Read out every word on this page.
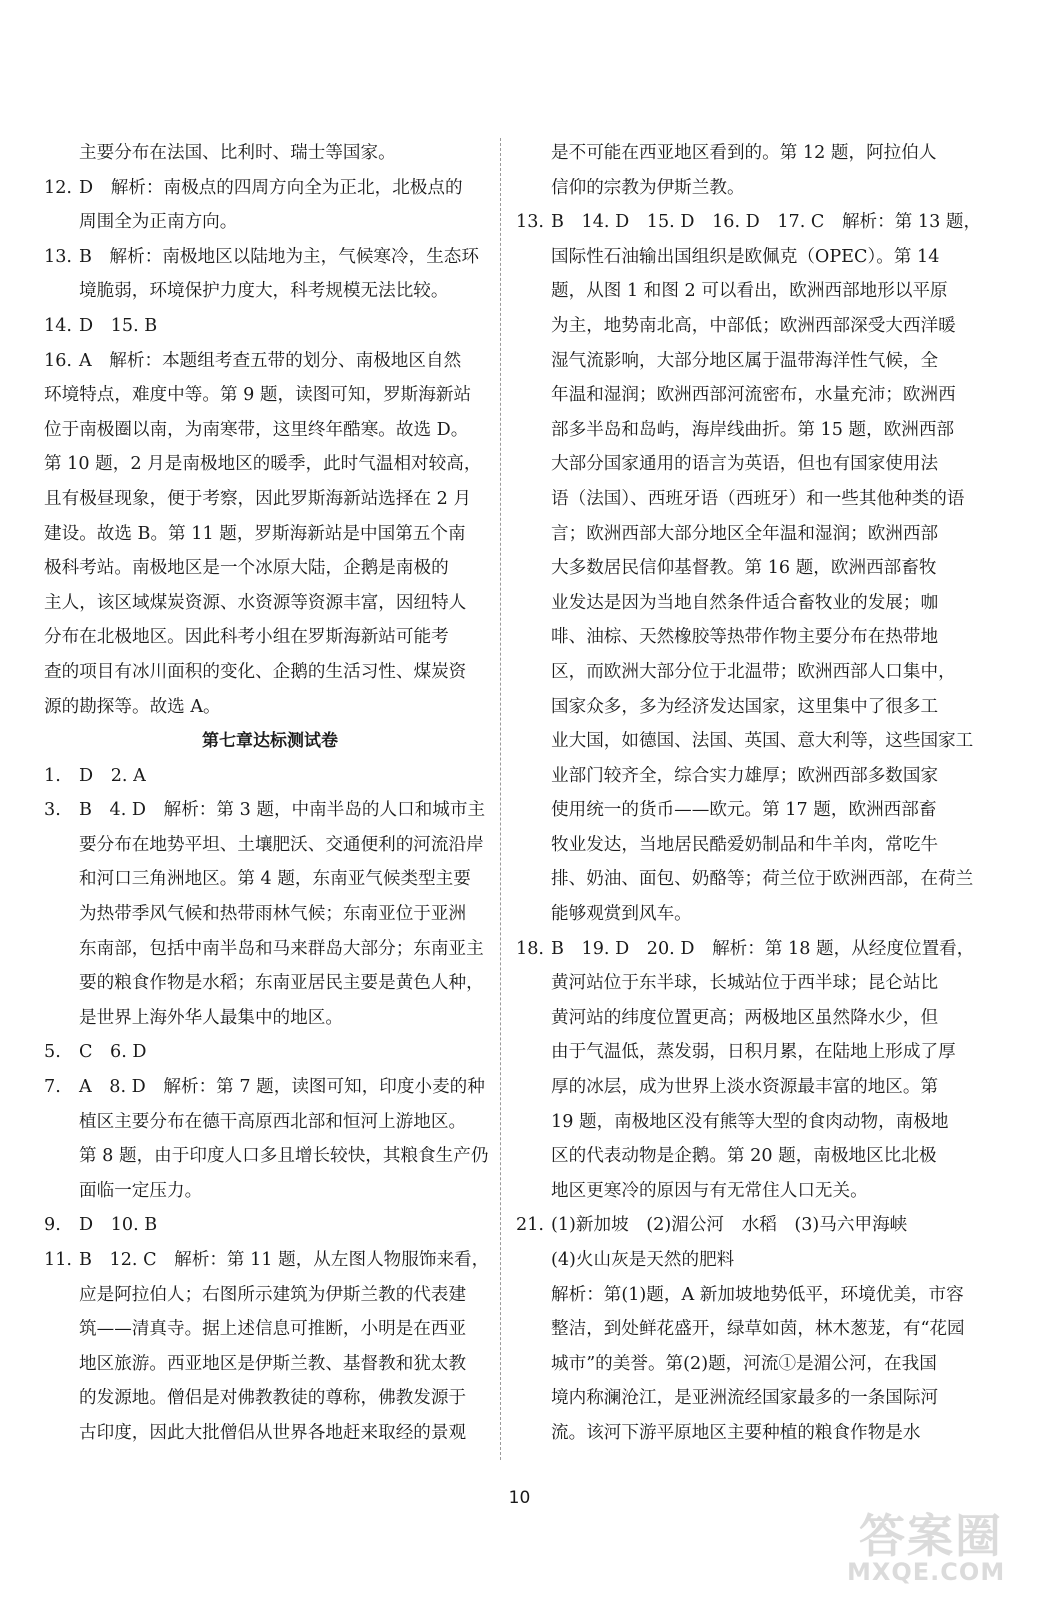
主要分布在法国、比利时、瑞士等国家。
12. D　解析：南极点的四周方向全为正北，北极点的
周围全为正南方向。
13. B　解析：南极地区以陆地为主，气候寒冷，生态环
境脆弱，环境保护力度大，科考规模无法比较。
14. D　15. B
16. A　解析：本题组考查五带的划分、南极地区自然
环境特点，难度中等。第 9 题，读图可知，罗斯海新站
位于南极圈以南，为南寒带，这里终年酷寒。故选 D。
第 10 题，2 月是南极地区的暖季，此时气温相对较高，
且有极昼现象，便于考察，因此罗斯海新站选择在 2 月
建设。故选 B。第 11 题，罗斯海新站是中国第五个南
极科考站。南极地区是一个冰原大陆，企鹅是南极的
主人，该区域煤炭资源、水资源等资源丰富，因纽特人
分布在北极地区。因此科考小组在罗斯海新站可能考
查的项目有冰川面积的变化、企鹅的生活习性、煤炭资
源的勘探等。故选 A。
第七章达标测试卷
1. D　2. A
3. B　4. D　解析：第 3 题，中南半岛的人口和城市主
要分布在地势平坦、土壤肥沃、交通便利的河流沿岸
和河口三角洲地区。第 4 题，东南亚气候类型主要
为热带季风气候和热带雨林气候；东南亚位于亚洲
东南部，包括中南半岛和马来群岛大部分；东南亚主
要的粮食作物是水稻；东南亚居民主要是黄色人种，
是世界上海外华人最集中的地区。
5. C　6. D
7. A　8. D　解析：第 7 题，读图可知，印度小麦的种
植区主要分布在德干高原西北部和恒河上游地区。
第 8 题，由于印度人口多且增长较快，其粮食生产仍
面临一定压力。
9. D　10. B
11. B　12. C　解析：第 11 题，从左图人物服饰来看，
应是阿拉伯人；右图所示建筑为伊斯兰教的代表建
筑——清真寺。据上述信息可推断，小明是在西亚
地区旅游。西亚地区是伊斯兰教、基督教和犹太教
的发源地。僧侣是对佛教教徒的尊称，佛教发源于
古印度，因此大批僧侣从世界各地赶来取经的景观
是不可能在西亚地区看到的。第 12 题，阿拉伯人
信仰的宗教为伊斯兰教。
13. B　14. D　15. D　16. D　17. C　解析：第 13 题，
国际性石油输出国组织是欧佩克（OPEC）。第 14
题，从图 1 和图 2 可以看出，欧洲西部地形以平原
为主，地势南北高，中部低；欧洲西部深受大西洋暖
湿气流影响，大部分地区属于温带海洋性气候，全
年温和湿润；欧洲西部河流密布，水量充沛；欧洲西
部多半岛和岛屿，海岸线曲折。第 15 题，欧洲西部
大部分国家通用的语言为英语，但也有国家使用法
语（法国）、西班牙语（西班牙）和一些其他种类的语
言；欧洲西部大部分地区全年温和湿润；欧洲西部
大多数居民信仰基督教。第 16 题，欧洲西部畜牧
业发达是因为当地自然条件适合畜牧业的发展；咖
啡、油棕、天然橡胶等热带作物主要分布在热带地
区，而欧洲大部分位于北温带；欧洲西部人口集中，
国家众多，多为经济发达国家，这里集中了很多工
业大国，如德国、法国、英国、意大利等，这些国家工
业部门较齐全，综合实力雄厚；欧洲西部多数国家
使用统一的货币——欧元。第 17 题，欧洲西部畜
牧业发达，当地居民酷爱奶制品和牛羊肉，常吃牛
排、奶油、面包、奶酪等；荷兰位于欧洲西部，在荷兰
能够观赏到风车。
18. B　19. D　20. D　解析：第 18 题，从经度位置看，
黄河站位于东半球，长城站位于西半球；昆仑站比
黄河站的纬度位置更高；两极地区虽然降水少，但
由于气温低，蒸发弱，日积月累，在陆地上形成了厚
厚的冰层，成为世界上淡水资源最丰富的地区。第
19 题，南极地区没有熊等大型的食肉动物，南极地
区的代表动物是企鹅。第 20 题，南极地区比北极
地区更寒冷的原因与有无常住人口无关。
21. (1)新加坡　(2)湄公河　水稻　(3)马六甲海峡
(4)火山灰是天然的肥料
解析：第(1)题，A 新加坡地势低平，环境优美，市容
整洁，到处鲜花盛开，绿草如茵，林木葱茏，有“花园
城市”的美誉。第(2)题，河流①是湄公河，在我国
境内称澜沧江，是亚洲流经国家最多的一条国际河
流。该河下游平原地区主要种植的粮食作物是水
10
答案圈
MXQE.COM
